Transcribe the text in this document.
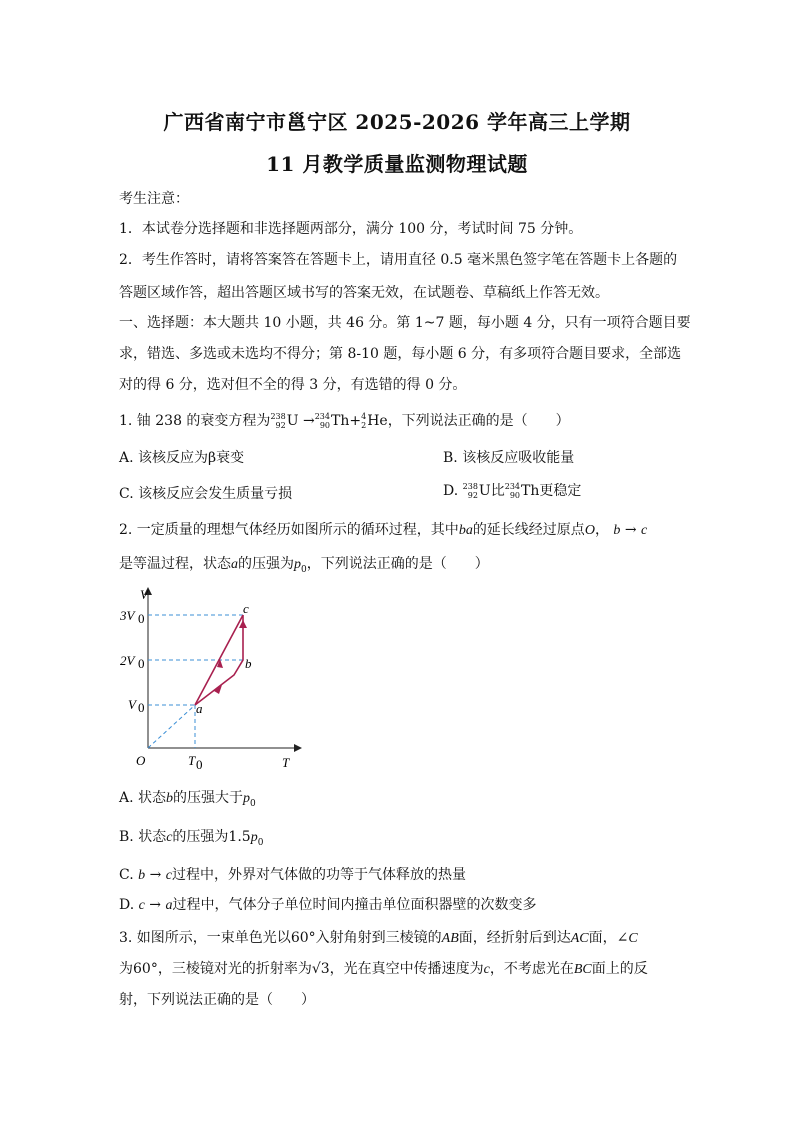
广西省南宁市邕宁区 2025-2026 学年高三上学期
11 月教学质量监测物理试题
考生注意：
1．本试卷分选择题和非选择题两部分，满分 100 分，考试时间 75 分钟。
2．考生作答时，请将答案答在答题卡上，请用直径 0.5 毫米黑色签字笔在答题卡上各题的
答题区域作答，超出答题区域书写的答案无效，在试题卷、草稿纸上作答无效。
一、选择题：本大题共 10 小题，共 46 分。第 1~7 题，每小题 4 分，只有一项符合题目要
求，错选、多选或未选均不得分；第 8-10 题，每小题 6 分，有多项符合题目要求，全部选
对的得 6 分，选对但不全的得 3 分，有选错的得 0 分。
1. 铀 238 的衰变方程为238
92U →234
90Th+4
2He，下列说法正确的是（　　）
A. 该核反应为β衰变	B. 该核反应吸收能量
C. 该核反应会发生质量亏损	D. 238
92U比234
90Th更稳定
2. 一定质量的理想气体经历如图所示的循环过程，其中ba的延长线经过原点O， b → c
是等温过程，状态a的压强为$p_0$，下列说法正确的是（　　）
V
T
O
3V 0
2V 0
V 0
T 0
a
b
c
A. 状态b的压强大于$p_0$
B. 状态c的压强为$1.5p_0$
C. b → c过程中，外界对气体做的功等于气体释放的热量
D. c → a过程中，气体分子单位时间内撞击单位面积器壁的次数变多
3. 如图所示，一束单色光以60°入射角射到三棱镜的AB面，经折射后到达AC面，∠C
为60°，三棱镜对光的折射率为√3，光在真空中传播速度为c，不考虑光在BC面上的反
射，下列说法正确的是（　　）
